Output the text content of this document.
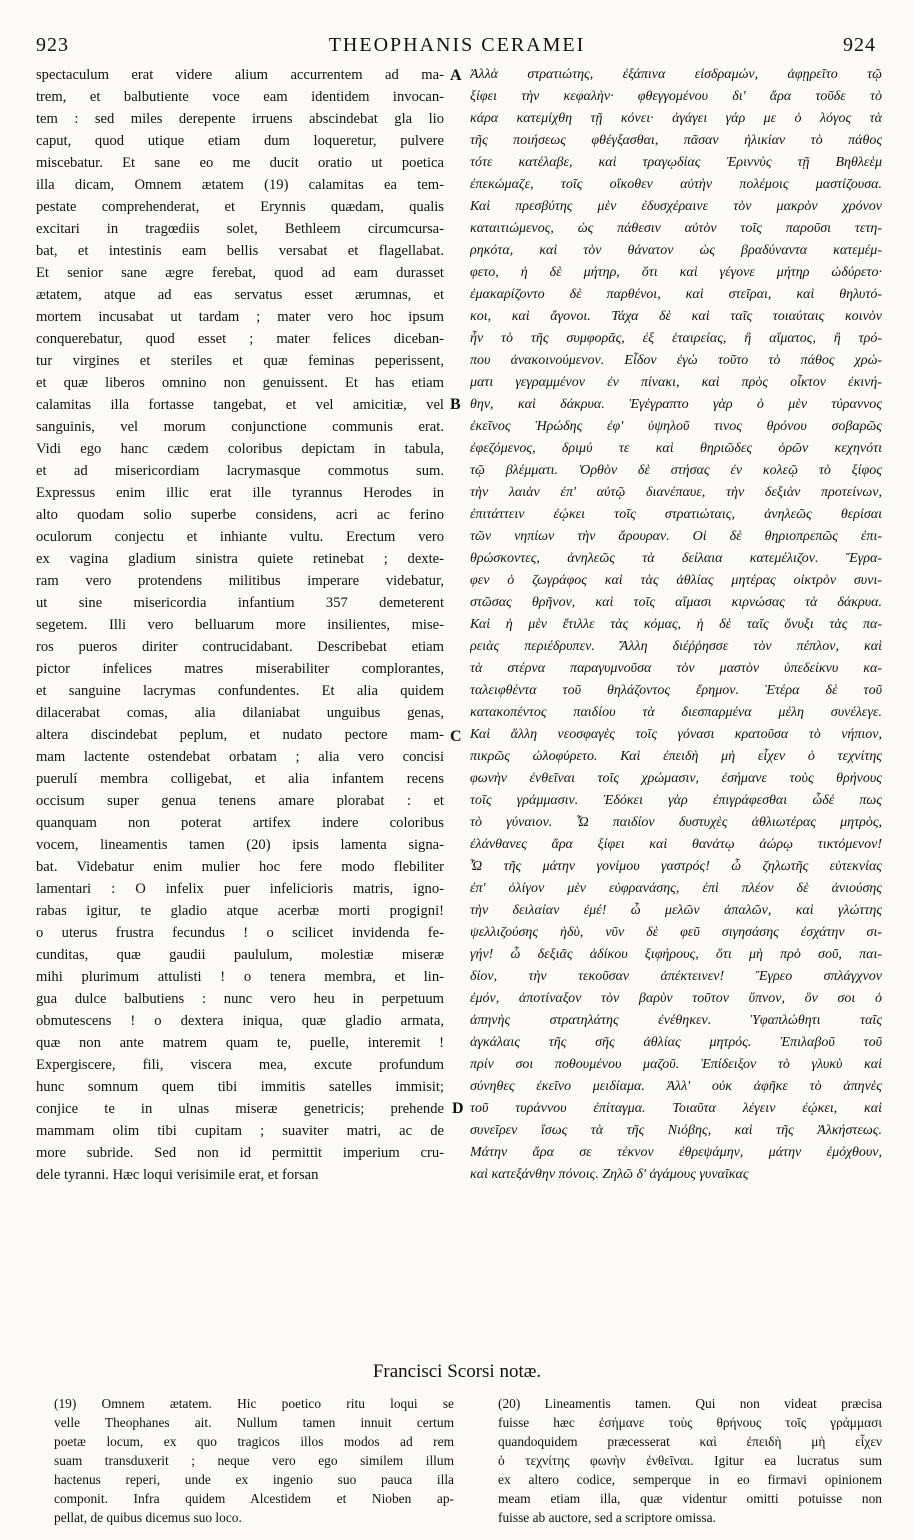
923	THEOPHANIS CERAMEI	924
spectaculum erat videre alium accurrentem ad ma-
trem, et balbutiente voce eam identidem invocan-
tem : sed miles derepente irruens abscindebat gla lio
caput, quod utique etiam dum loqueretur, pulvere
miscebatur. Et sane eo me ducit oratio ut poetica
illa dicam, Omnem ætatem (19) calamitas ea tem-
pestate comprehenderat, et Erynnis quædam, qualis
excitari in tragœdiis solet, Bethleem circumcursa-
bat, et intestinis eam bellis versabat et flagellabat.
Et senior sane ægre ferebat, quod ad eam durasset
ætatem, atque ad eas servatus esset ærumnas, et
mortem incusabat ut tardam ; mater vero hoc ipsum
conquerebatur, quod esset ; mater felices diceban-
tur virgines et steriles et quæ feminas peperissent,
et quæ liberos omnino non genuissent. Et has etiam
calamitas illa fortasse tangebat, et vel amicitiæ, vel
sanguinis, vel morum conjunctione communis erat.
Vidi ego hanc cædem coloribus depictam in tabula,
et ad misericordiam lacrymasque commotus sum.
Expressus enim illic erat ille tyrannus Herodes in
alto quodam solio superbe considens, acri ac ferino
oculorum conjectu et inhiante vultu. Erectum vero
ex vagina gladium sinistra quiete retinebat ; dexte-
ram vero protendens militibus imperare videbatur,
ut sine misericordia infantium 357 demeterent
segetem. Illi vero belluarum more insilientes, mise-
ros pueros diriter contrucidabant. Describebat etiam
pictor infelices matres miserabiliter complorantes,
et sanguine lacrymas confundentes. Et alia quidem
dilacerabat comas, alia dilaniabat unguibus genas,
altera discindebat peplum, et nudato pectore mam-
mam lactente ostendebat orbatam ; alia vero concisi
puerulí membra colligebat, et alia infantem recens
occisum super genua tenens amare plorabat : et
quanquam non poterat artifex indere coloribus
vocem, lineamentis tamen (20) ipsis lamenta signa-
bat. Videbatur enim mulier hoc fere modo flebiliter
lamentari : O infelix puer infelicioris matris, igno-
rabas igitur, te gladio atque acerbæ morti progigni!
o uterus frustra fecundus ! o scilicet invidenda fe-
cunditas, quæ gaudii paululum, molestiæ miseræ
mihi plurimum attulisti ! o tenera membra, et lin-
gua dulce balbutiens : nunc vero heu in perpetuum
obmutescens ! o dextera iniqua, quæ gladio armata,
quæ non ante matrem quam te, puelle, interemit !
Expergiscere, fili, viscera mea, excute profundum
hunc somnum quem tibi immitis satelles immisit;
conjice te in ulnas miseræ genetricis; prehende
mammam olim tibi cupitam ; suaviter matri, ac de
more subride. Sed non id permittit imperium cru-
dele tyranni. Hæc loqui verisimile erat, et forsan
A
B
C
D
Ἀλλὰ στρατιώτης, ἐξάπινα εἰσδραμών, ἀφῃρεῖτο τῷ
ξίφει τὴν κεφαλὴν· φθεγγομένου δι' ἄρα τοῦδε τὸ
κάρα κατεμίχθη τῇ κόνει· ἀγάγει γάρ με ὁ λόγος τὰ
τῆς ποιήσεως φθέγξασθαι, πᾶσαν ἡλικίαν τὸ πάθος
τότε κατέλαβε, καὶ τραγῳδίας Ἐριννὺς τῇ Βηθλεὲμ
ἐπεκώμαζε, τοῖς οἴκοθεν αὐτὴν πολέμοις μαστίζουσα.
Καὶ πρεσβύτης μὲν ἐδυσχέραινε τὸν μακρὸν χρόνον
καταιτιώμενος, ὡς πάθεσιν αὐτὸν τοῖς παροῦσι τετη-
ρηκότα, καὶ τὸν θάνατον ὡς βραδύναντα κατεμέμ-
φετο, ἡ δὲ μήτηρ, ὅτι καὶ γέγονε μήτηρ ὠδύρετο·
ἐμακαρίζοντο δὲ παρθένοι, καὶ στεῖραι, καὶ θηλυτό-
κοι, καὶ ἄγονοι. Τάχα δὲ καὶ ταῖς τοιαύταις κοινὸν
ἦν τὸ τῆς συμφορᾶς, ἐξ ἑταιρείας, ἢ αἵματος, ἢ τρό-
που ἀνακοινούμενον. Εἶδον ἐγὼ τοῦτο τὸ πάθος χρώ-
ματι γεγραμμένον ἐν πίνακι, καὶ πρὸς οἶκτον ἐκινή-
θην, καὶ δάκρυα. Ἐγέγραπτο γὰρ ὁ μὲν τύραννος
ἐκεῖνος Ἡρώδης ἐφ' ὑψηλοῦ τινος θρόνου σοβαρῶς
ἐφεζόμενος, δριμύ τε καὶ θηριῶδες ὁρῶν κεχηνότι
τῷ βλέμματι. Ὀρθὸν δὲ στήσας ἐν κολεῷ τὸ ξίφος
τὴν λαιὰν ἐπ' αὐτῷ διανέπαυε, τὴν δεξιὰν προτείνων,
ἐπιτάττειν ἐῴκει τοῖς στρατιώταις, ἀνηλεῶς θερίσαι
τῶν νηπίων τὴν ἄρουραν. Οἱ δὲ θηριοπρεπῶς ἐπι-
θρώσκοντες, ἀνηλεῶς τὰ δείλαια κατεμέλιζον. Ἔγρα-
φεν ὁ ζωγράφος καὶ τὰς ἀθλίας μητέρας οἰκτρὸν συνι-
στῶσας θρῆνον, καὶ τοῖς αἵμασι κιρνώσας τὰ δάκρυα.
Καὶ ἡ μὲν ἔτιλλε τὰς κόμας, ἡ δὲ ταῖς ὄνυξι τὰς πα-
ρειὰς περιέδρυπεν. Ἄλλη διέῤῥησσε τὸν πέπλον, καὶ
τὰ στέρνα παραγυμνοῦσα τὸν μαστὸν ὑπεδείκνυ κα-
ταλειφθέντα τοῦ θηλάζοντος ἔρημον. Ἑτέρα δὲ τοῦ
κατακοπέντος παιδίου τὰ διεσπαρμένα μέλη συνέλεγε.
Καὶ ἄλλη νεοσφαγὲς τοῖς γόνασι κρατοῦσα τὸ νήπιον,
πικρῶς ὠλοφύρετο. Καὶ ἐπειδὴ μὴ εἶχεν ὁ τεχνίτης
φωνὴν ἐνθεῖναι τοῖς χρώμασιν, ἐσήμανε τοὺς θρήνους
τοῖς γράμμασιν. Ἐδόκει γὰρ ἐπιγράφεσθαι ὧδέ πως
τὸ γύναιον. Ὦ παιδίον δυστυχὲς ἀθλιωτέρας μητρὸς,
ἐλάνθανες ἄρα ξίφει καὶ θανάτῳ ἀώρῳ τικτόμενον!
Ὦ τῆς μάτην γονίμου γαστρός! ὦ ζηλωτῆς εὐτεκνίας
ἐπ' ὀλίγον μὲν εὐφρανάσης, ἐπὶ πλέον δὲ ἀνιούσης
τὴν δειλαίαν ἐμέ! ὦ μελῶν ἁπαλῶν, καὶ γλώττης
ψελλιζούσης ἡδὺ, νῦν δὲ φεῦ σιγησάσης ἐσχάτην σι-
γήν! ὦ δεξιᾶς ἀδίκου ξιφήρους, ὅτι μὴ πρὸ σοῦ, παι-
δίον, τὴν τεκοῦσαν ἀπέκτεινεν! Ἔγρεο σπλάγχνον
ἐμόν, ἀποτίναξον τὸν βαρὺν τοῦτον ὕπνον, ὃν σοι ὁ
ἀπηνὴς στρατηλάτης ἐνέθηκεν. Ὑφαπλώθητι ταῖς
ἀγκάλαις τῆς σῆς ἀθλίας μητρός. Ἐπιλαβοῦ τοῦ
πρίν σοι ποθουμένου μαζοῦ. Ἐπίδειξον τὸ γλυκὺ καὶ
σύνηθες ἐκεῖνο μειδίαμα. Ἀλλ' οὐκ ἀφῆκε τὸ ἀπηνὲς
τοῦ τυράννου ἐπίταγμα. Τοιαῦτα λέγειν ἐῴκει, καὶ
συνεῖρεν ἴσως τὰ τῆς Νιόβης, καὶ τῆς Ἀλκήστεως.
Μάτην ἄρα σε τέκνον ἐθρεψάμην, μάτην ἐμόχθουν,
καὶ κατεξάνθην πόνοις. Ζηλῶ δ' ἀγάμους γυναῖκας
Francisci Scorsi notæ.
(19) Omnem ætatem. Hic poetico ritu loqui se
velle Theophanes ait. Nullum tamen innuit certum
poetæ locum, ex quo tragicos illos modos ad rem
suam transduxerit ; neque vero ego similem illum
hactenus reperi, unde ex ingenio suo pauca illa
componit. Infra quidem Alcestidem et Nioben ap-
pellat, de quibus dicemus suo loco.
(20) Lineamentis tamen. Qui non videat præcisa
fuisse hæc ἐσήμανε τοὺς θρήνους τοῖς γράμμασι
quandoquidem præcesserat καὶ ἐπειδὴ μὴ εἶχεν
ὁ τεχνίτης φωνὴν ἐνθεῖναι. Igitur ea lucratus sum
ex altero codice, semperque in eo firmavi opinionem
meam etiam illa, quæ videntur omitti potuisse non
fuisse ab auctore, sed a scriptore omissa.
